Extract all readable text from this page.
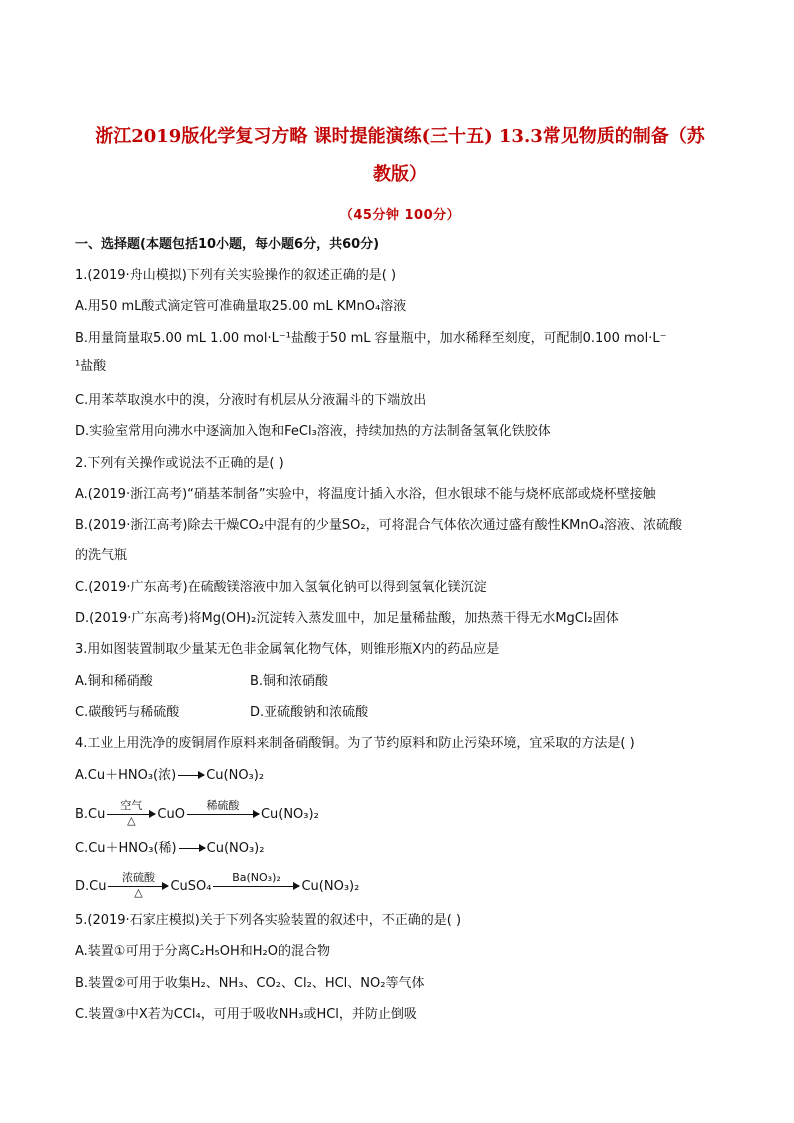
浙江2019版化学复习方略 课时提能演练(三十五) 13.3常见物质的制备（苏
教版）
（45分钟 100分）
一、选择题(本题包括10小题，每小题6分，共60分)
1.(2019·舟山模拟)下列有关实验操作的叙述正确的是( )
A.用50 mL酸式滴定管可准确量取25.00 mL KMnO₄溶液
B.用量筒量取5.00 mL 1.00 mol·L⁻¹盐酸于50 mL 容量瓶中，加水稀释至刻度，可配制0.100 mol·L⁻
¹盐酸
C.用苯萃取溴水中的溴，分液时有机层从分液漏斗的下端放出
D.实验室常用向沸水中逐滴加入饱和FeCl₃溶液，持续加热的方法制备氢氧化铁胶体
2.下列有关操作或说法不正确的是( )
A.(2019·浙江高考)“硝基苯制备”实验中，将温度计插入水浴，但水银球不能与烧杯底部或烧杯壁接触
B.(2019·浙江高考)除去干燥CO₂中混有的少量SO₂，可将混合气体依次通过盛有酸性KMnO₄溶液、浓硫酸
的洗气瓶
C.(2019·广东高考)在硫酸镁溶液中加入氢氧化钠可以得到氢氧化镁沉淀
D.(2019·广东高考)将Mg(OH)₂沉淀转入蒸发皿中，加足量稀盐酸，加热蒸干得无水MgCl₂固体
3.用如图装置制取少量某无色非金属氧化物气体，则锥形瓶X内的药品应是
A.铜和稀硝酸	B.铜和浓硝酸
C.碳酸钙与稀硫酸	D.亚硫酸钠和浓硫酸
4.工业上用洗净的废铜屑作原料来制备硝酸铜。为了节约原料和防止污染环境，宜采取的方法是( )
A.Cu＋HNO₃(浓) Cu(NO₃)₂
B.Cu
空气
△	CuO
稀硫酸
Cu(NO₃)₂
C.Cu＋HNO₃(稀) Cu(NO₃)₂
D.Cu
浓硫酸
△	CuSO₄
Ba(NO₃)₂
Cu(NO₃)₂
5.(2019·石家庄模拟)关于下列各实验装置的叙述中，不正确的是( )
A.装置①可用于分离C₂H₅OH和H₂O的混合物
B.装置②可用于收集H₂、NH₃、CO₂、Cl₂、HCl、NO₂等气体
C.装置③中X若为CCl₄，可用于吸收NH₃或HCl，并防止倒吸
